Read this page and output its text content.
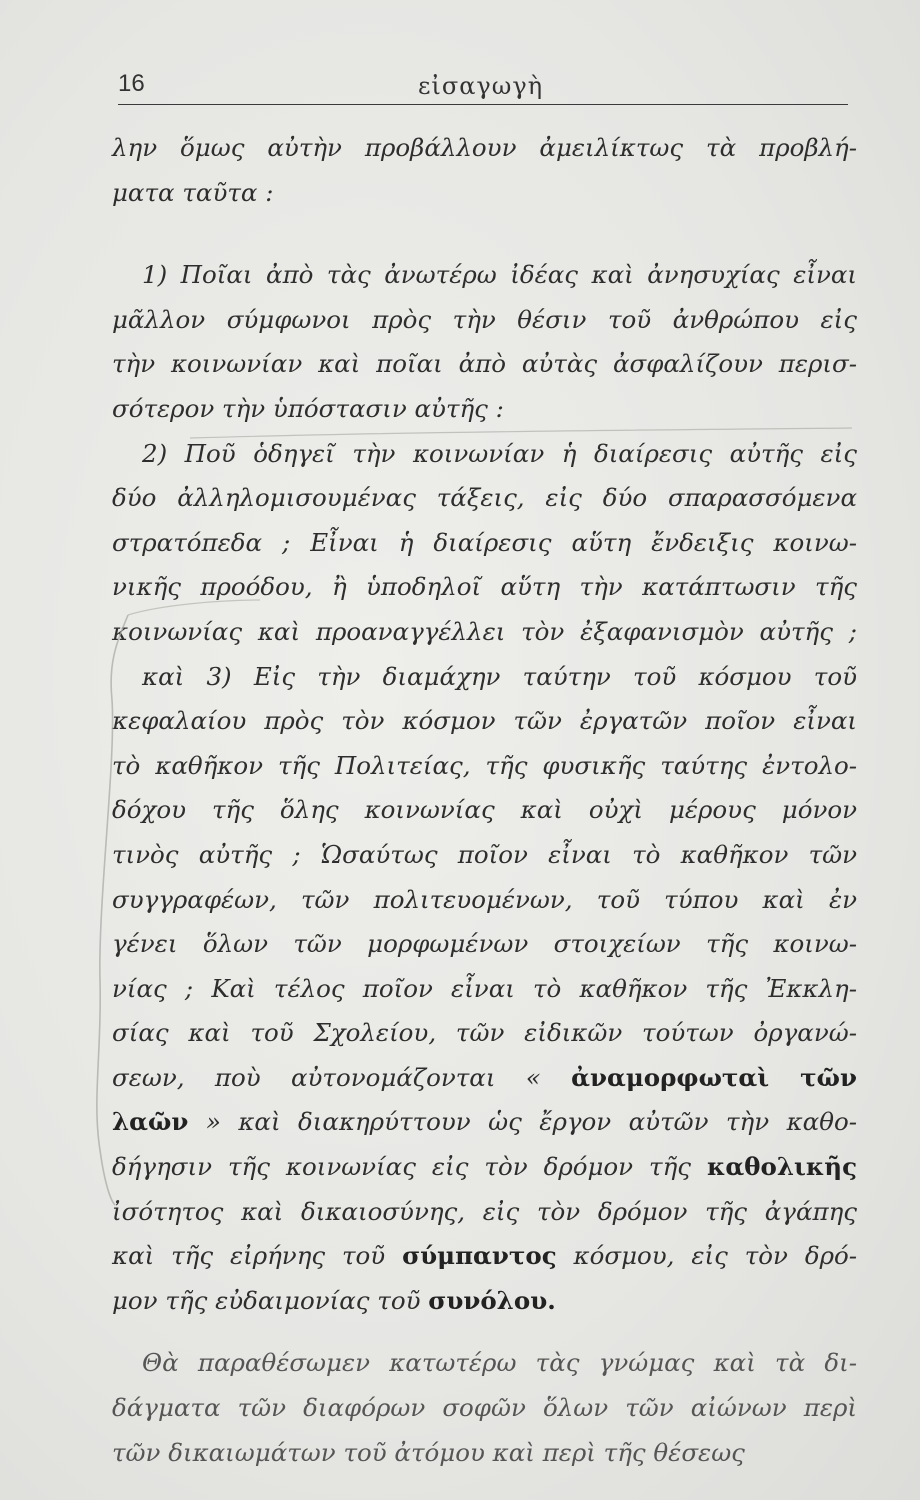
16	εἰσαγωγὴ
λην ὅμως αὐτὴν προβάλλουν ἀμειλίκτως τὰ προβλή-
ματα ταῦτα :
1) Ποῖαι ἀπὸ τὰς ἀνωτέρω ἰδέας καὶ ἀνησυχίας εἶναι
μᾶλλον σύμφωνοι πρὸς τὴν θέσιν τοῦ ἀνθρώπου εἰς
τὴν κοινωνίαν καὶ ποῖαι ἀπὸ αὐτὰς ἀσφαλίζουν περισ-
σότερον τὴν ὑπόστασιν αὐτῆς :
2) Ποῦ ὁδηγεῖ τὴν κοινωνίαν ἡ διαίρεσις αὐτῆς εἰς
δύο ἀλληλομισουμένας τάξεις, εἰς δύο σπαρασσόμενα
στρατόπεδα ; Εἶναι ἡ διαίρεσις αὕτη ἔνδειξις κοινω-
νικῆς προόδου, ἢ ὑποδηλοῖ αὕτη τὴν κατάπτωσιν τῆς
κοινωνίας καὶ προαναγγέλλει τὸν ἐξαφανισμὸν αὐτῆς ;
καὶ 3) Εἰς τὴν διαμάχην ταύτην τοῦ κόσμου τοῦ
κεφαλαίου πρὸς τὸν κόσμον τῶν ἐργατῶν ποῖον εἶναι
τὸ καθῆκον τῆς Πολιτείας, τῆς φυσικῆς ταύτης ἐντολο-
δόχου τῆς ὅλης κοινωνίας καὶ οὐχὶ μέρους μόνον
τινὸς αὐτῆς ; Ὡσαύτως ποῖον εἶναι τὸ καθῆκον τῶν
συγγραφέων, τῶν πολιτευομένων, τοῦ τύπου καὶ ἐν
γένει ὅλων τῶν μορφωμένων στοιχείων τῆς κοινω-
νίας ; Καὶ τέλος ποῖον εἶναι τὸ καθῆκον τῆς Ἐκκλη-
σίας καὶ τοῦ Σχολείου, τῶν εἰδικῶν τούτων ὀργανώ-
σεων, ποὺ αὐτονομάζονται « ἀναμορφωταὶ τῶν
λαῶν » καὶ διακηρύττουν ὡς ἔργον αὐτῶν τὴν καθο-
δήγησιν τῆς κοινωνίας εἰς τὸν δρόμον τῆς καθολικῆς
ἰσότητος καὶ δικαιοσύνης, εἰς τὸν δρόμον τῆς ἀγάπης
καὶ τῆς εἰρήνης τοῦ σύμπαντος κόσμου, εἰς τὸν δρό-
μον τῆς εὐδαιμονίας τοῦ συνόλου.
Θὰ παραθέσωμεν κατωτέρω τὰς γνώμας καὶ τὰ δι-
δάγματα τῶν διαφόρων σοφῶν ὅλων τῶν αἰώνων περὶ
τῶν δικαιωμάτων τοῦ ἀτόμου καὶ περὶ τῆς θέσεως
